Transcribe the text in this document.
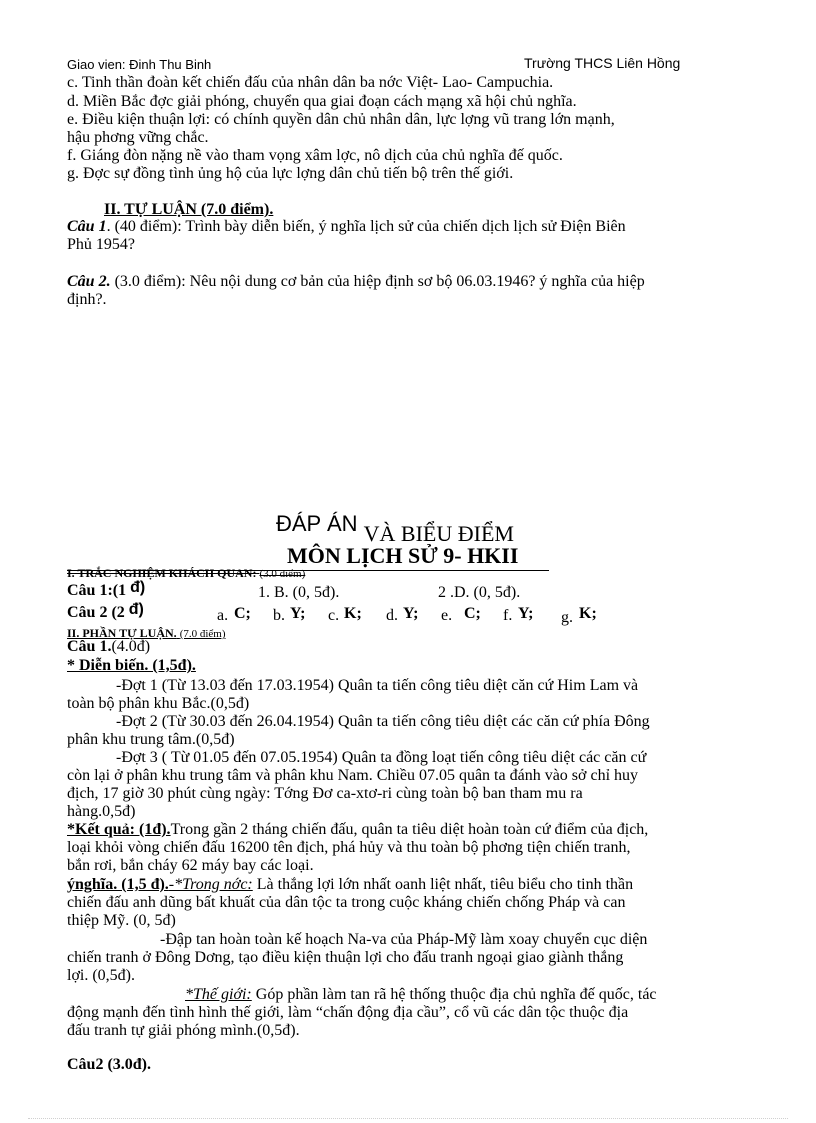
Giao vien: Đinh Thu Binh	Trường THCS Liên Hồng
c. Tinh thần đoàn kết chiến đấu của nhân dân ba nớc Việt- Lao- Campuchia.
d. Miền Bắc đợc giải phóng, chuyển qua giai đoạn cách mạng xã hội chủ nghĩa.
e. Điều kiện thuận lợi: có chính quyền dân chủ nhân dân, lực lợng vũ trang lớn mạnh,
hậu phơng vững chắc.
f. Giáng đòn nặng nề vào tham vọng xâm lợc, nô dịch của chủ nghĩa đế quốc.
g. Đợc sự đồng tình ủng hộ của lực lợng dân chủ tiến bộ trên thế giới.
II. TỰ LUẬN (7.0 điểm).
Câu 1. (40 điểm): Trình bày diễn biến, ý nghĩa lịch sử của chiến dịch lịch sử Điện Biên
Phủ 1954?
Câu 2. (3.0 điểm): Nêu nội dung cơ bản của hiệp định sơ bộ 06.03.1946? ý nghĩa của hiệp
định?.
ĐÁP ÁN VÀ BIỂU ĐIỂM
MÔN LỊCH SỬ 9- HKII
I. TRẮC NGHIỆM KHÁCH QUAN: (3.0 điểm)
Câu 1:(1 đ)	1. B. (0, 5đ).	2 .D. (0, 5đ).
Câu 2 (2 đ)	a. C; b. Y; c. K; d. Y; e. C; f. Y; g. K;
II. PHẦN TỰ LUẬN. (7.0 điểm)
Câu 1.(4.0đ)
* Diễn biến. (1,5đ).
-Đợt 1 (Từ 13.03 đến 17.03.1954) Quân ta tiến công tiêu diệt căn cứ Him Lam và
toàn bộ phân khu Bắc.(0,5đ)
-Đợt 2 (Từ 30.03 đến 26.04.1954) Quân ta tiến công tiêu diệt các căn cứ phía Đông
phân khu trung tâm.(0,5đ)
-Đợt 3 ( Từ 01.05 đến 07.05.1954) Quân ta đồng loạt tiến công tiêu diệt các căn cứ
còn lại ở phân khu trung tâm và phân khu Nam. Chiều 07.05 quân ta đánh vào sở chỉ huy
địch, 17 giờ 30 phút cùng ngày: Tớng Đơ ca-xtơ-ri cùng toàn bộ ban tham mu ra
hàng.0,5đ)
*Kết quả: (1đ).Trong gần 2 tháng chiến đấu, quân ta tiêu diệt hoàn toàn cứ điểm của địch,
loại khỏi vòng chiến đấu 16200 tên địch, phá hủy và thu toàn bộ phơng tiện chiến tranh,
bắn rơi, bắn cháy 62 máy bay các loại.
ýnghĩa. (1,5 đ).-*Trong nớc: Là thắng lợi lớn nhất oanh liệt nhất, tiêu biểu cho tinh thần
chiến đấu anh dũng bất khuất của dân tộc ta trong cuộc kháng chiến chống Pháp và can
thiệp Mỹ. (0, 5đ)
-Đập tan hoàn toàn kế hoạch Na-va của Pháp-Mỹ làm xoay chuyển cục diện
chiến tranh ở Đông Dơng, tạo điều kiện thuận lợi cho đấu tranh ngoại giao giành thắng
lợi. (0,5đ).
*Thế giới: Góp phần làm tan rã hệ thống thuộc địa chủ nghĩa đế quốc, tác
động mạnh đến tình hình thế giới, làm “chấn động địa cầu”, cổ vũ các dân tộc thuộc địa
đấu tranh tự giải phóng mình.(0,5đ).
Câu2 (3.0đ).
